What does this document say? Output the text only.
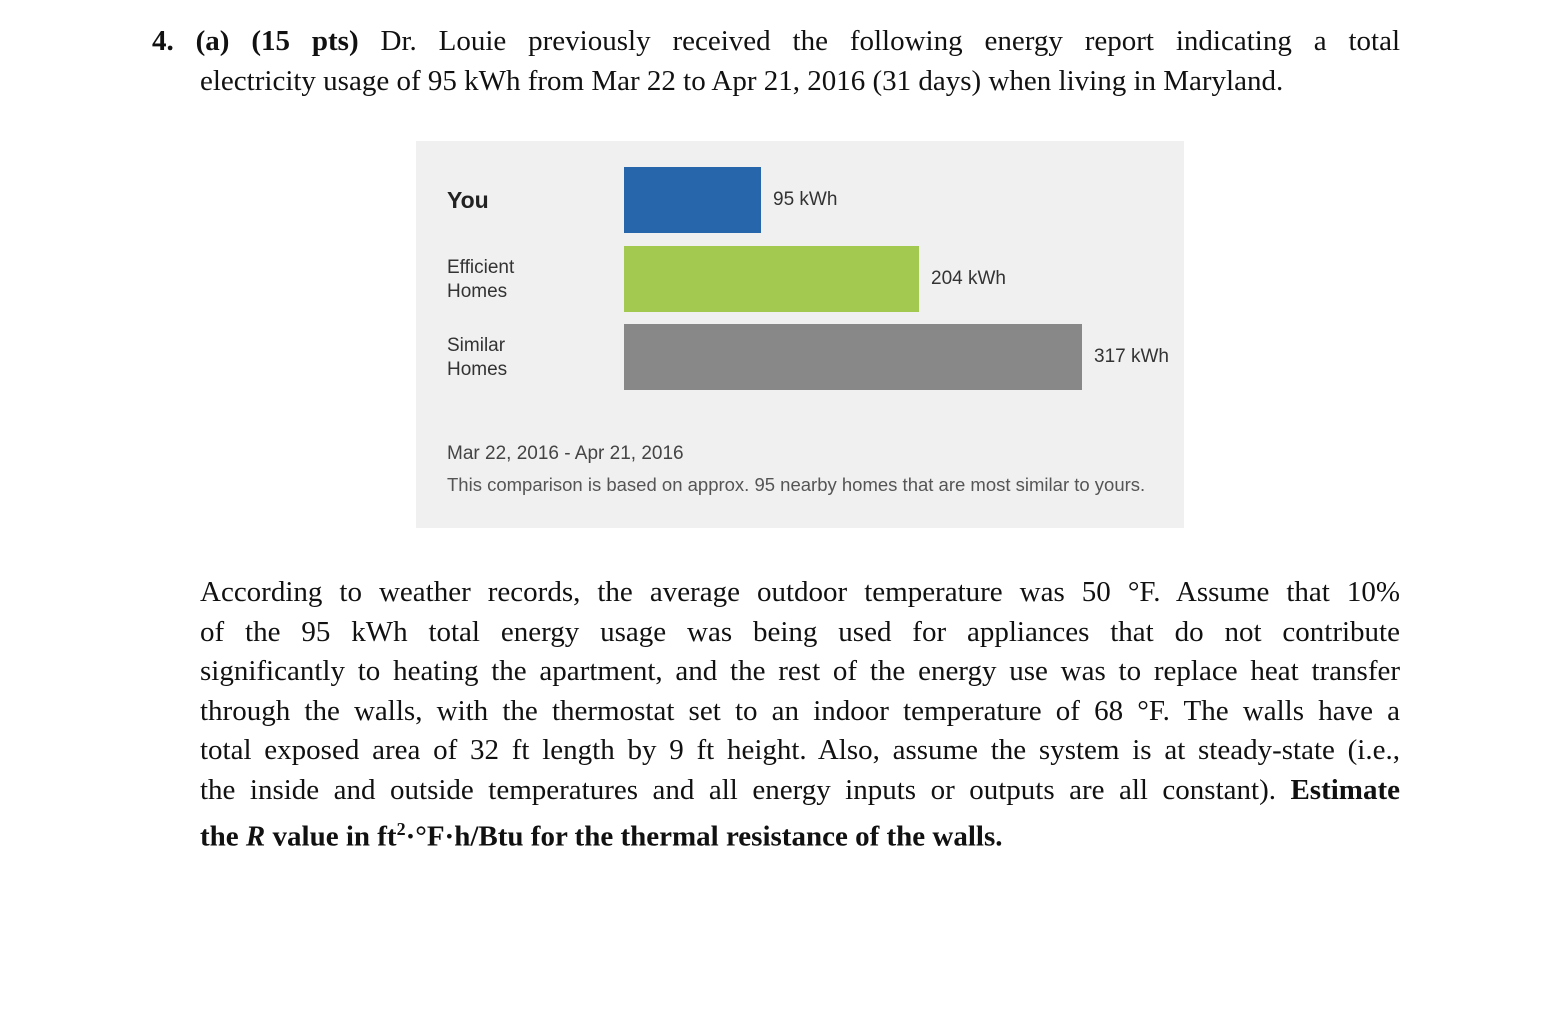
4. (a) (15 pts) Dr. Louie previously received the following energy report indicating a total
electricity usage of 95 kWh from Mar 22 to Apr 21, 2016 (31 days) when living in Maryland.
You
Efficient
Homes
Similar
Homes
95 kWh
204 kWh
317 kWh
Mar 22, 2016 - Apr 21, 2016
This comparison is based on approx. 95 nearby homes that are most similar to yours.
According to weather records, the average outdoor temperature was 50 °F. Assume that 10%
of the 95 kWh total energy usage was being used for appliances that do not contribute
significantly to heating the apartment, and the rest of the energy use was to replace heat transfer
through the walls, with the thermostat set to an indoor temperature of 68 °F. The walls have a
total exposed area of 32 ft length by 9 ft height. Also, assume the system is at steady-state (i.e.,
the inside and outside temperatures and all energy inputs or outputs are all constant). Estimate
the R value in $ft^2\cdot^\circ F\cdot h$/Btu for the thermal resistance of the walls.
